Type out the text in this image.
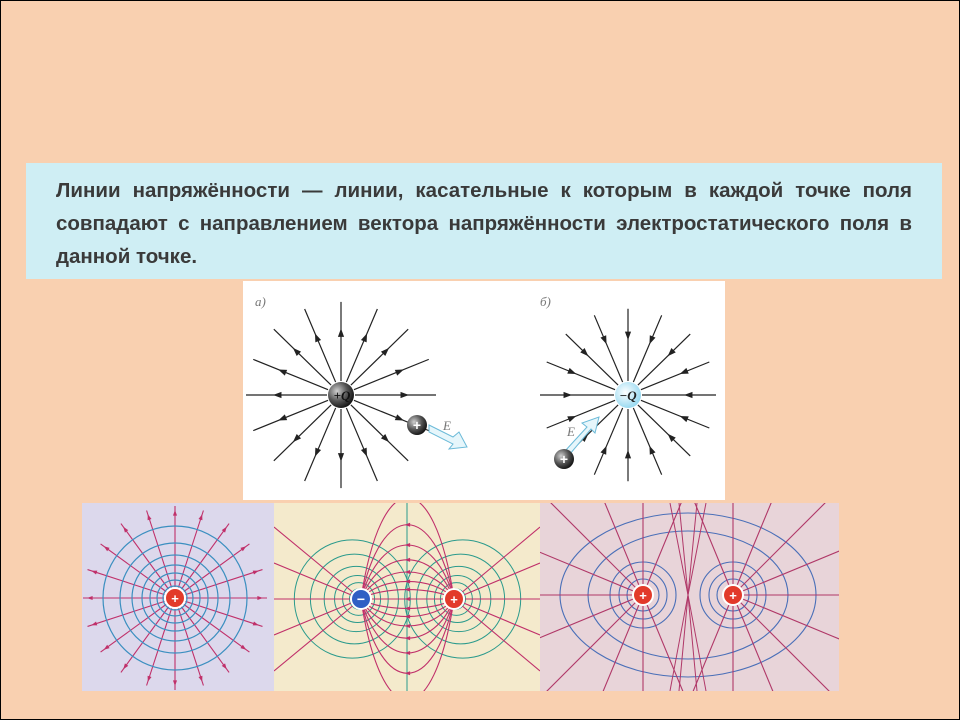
Линии напряжённости — линии, касательные к которым в каждой точке поля совпадают с направлением вектора напряжённости электростатического поля в данной точке.
+Q
+ E
а)
−Q
+
E
б)
+	−	+	+	+
